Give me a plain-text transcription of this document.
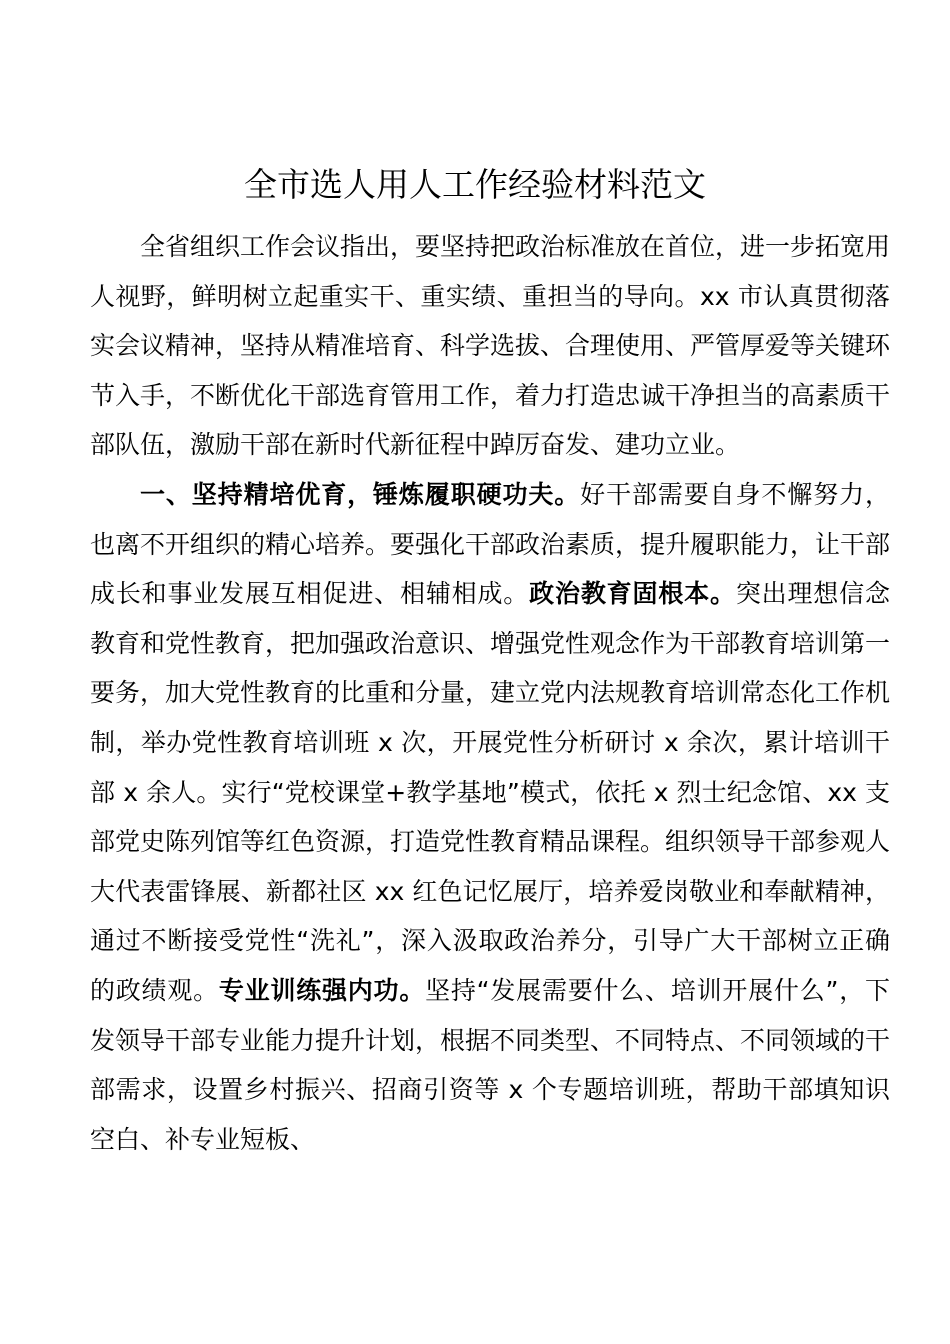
全市选人用人工作经验材料范文

全省组织工作会议指出，要坚持把政治标准放在首位，进一步拓宽用人视野，鲜明树立起重实干、重实绩、重担当的导向。xx 市认真贯彻落实会议精神，坚持从精准培育、科学选拔、合理使用、严管厚爱等关键环节入手，不断优化干部选育管用工作，着力打造忠诚干净担当的高素质干部队伍，激励干部在新时代新征程中踔厉奋发、建功立业。

一、坚持精培优育，锤炼履职硬功夫。好干部需要自身不懈努力，也离不开组织的精心培养。要强化干部政治素质，提升履职能力，让干部成长和事业发展互相促进、相辅相成。政治教育固根本。突出理想信念教育和党性教育，把加强政治意识、增强党性观念作为干部教育培训第一要务，加大党性教育的比重和分量，建立党内法规教育培训常态化工作机制，举办党性教育培训班 x 次，开展党性分析研讨 x 余次，累计培训干部 x 余人。实行“党校课堂+教学基地”模式，依托 x 烈士纪念馆、xx 支部党史陈列馆等红色资源，打造党性教育精品课程。组织领导干部参观人大代表雷锋展、新都社区 xx 红色记忆展厅，培养爱岗敬业和奉献精神，通过不断接受党性“洗礼”，深入汲取政治养分，引导广大干部树立正确的政绩观。专业训练强内功。坚持“发展需要什么、培训开展什么”，下发领导干部专业能力提升计划，根据不同类型、不同特点、不同领域的干部需求，设置乡村振兴、招商引资等 x 个专题培训班，帮助干部填知识空白、补专业短板、
